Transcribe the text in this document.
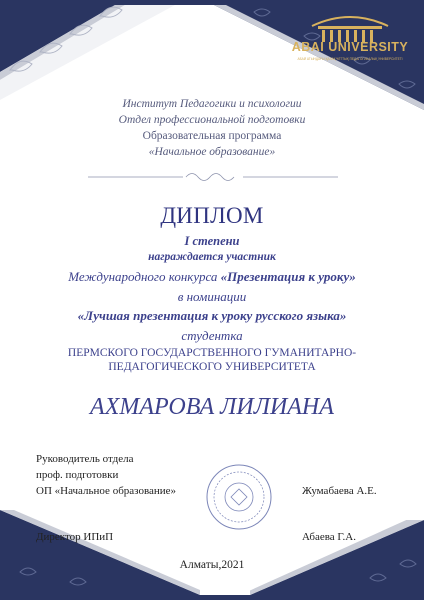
ABAI UNIVERSITY
АБАЙ АТЫНДАҒЫ ҚАЗАҚ ҰЛТТЫҚ ПЕДАГОГИКАЛЫҚ УНИВЕРСИТЕТІ

Институт Педагогики и психологии

Отдел профессиональной подготовки

Образовательная программа

«Начальное образование»

ДИПЛОМ

I степени

награждается участник

Международного конкурса «Презентация к уроку»

в номинации

«Лучшая презентация к уроку русского языка»

студентка

ПЕРМСКОГО ГОСУДАРСТВЕННОГО ГУМАНИТАРНО-

ПЕДАГОГИЧЕСКОГО УНИВЕРСИТЕТА

АХМАРОВА ЛИЛИАНА

Руководитель отдела

проф. подготовки

ОП «Начальное образование»	Жумабаева А.Е.

Директор ИПиП	Абаева Г.А.

Алматы,2021
